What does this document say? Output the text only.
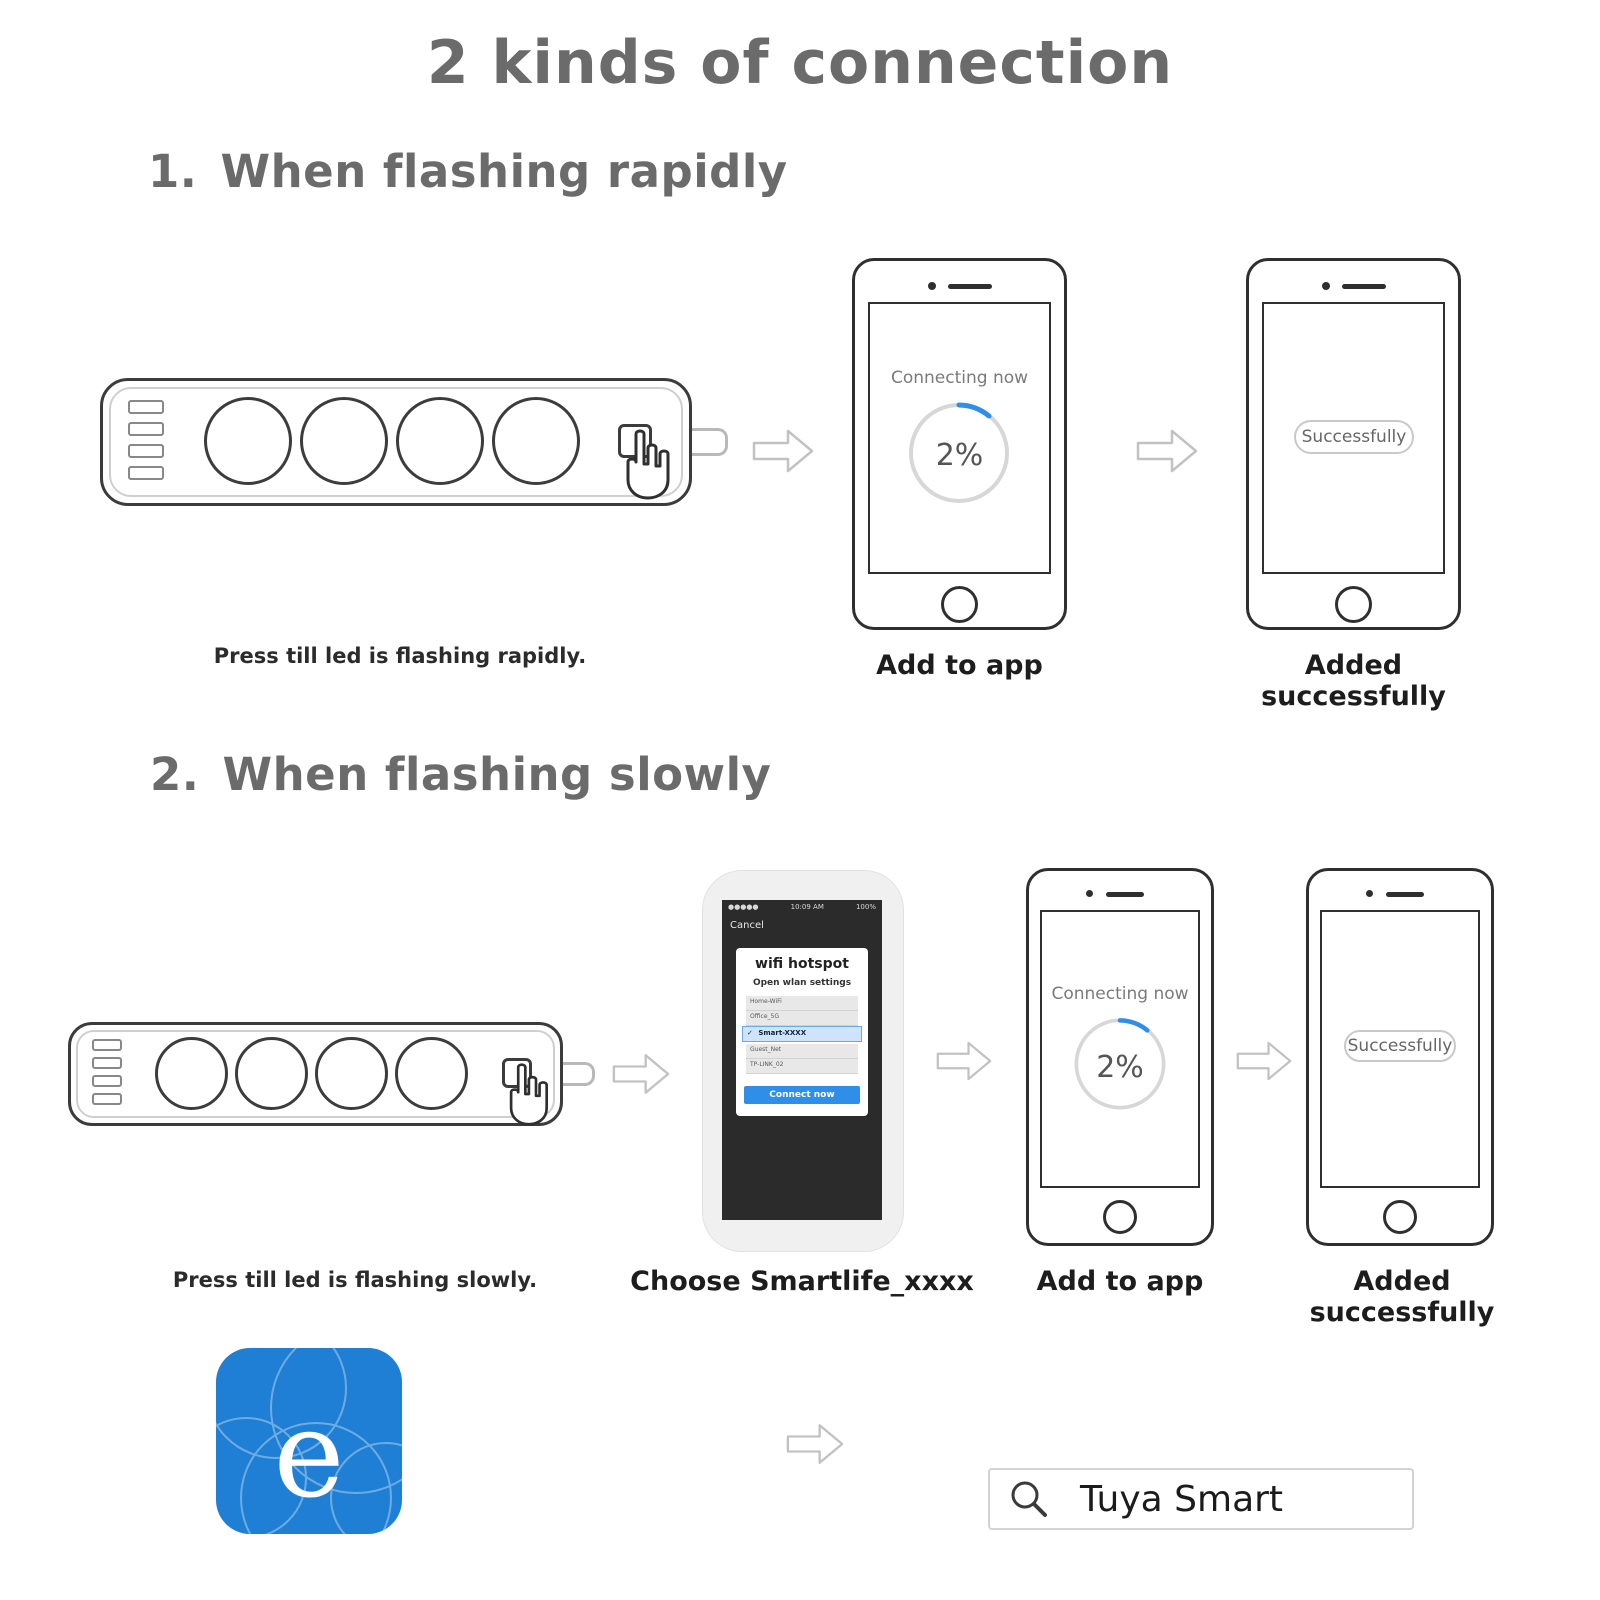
2 kinds of connection
1. When flashing rapidly
2. When flashing slowly
Press till led is flashing rapidly.
Connecting now
2%
Add to app
Successfully
Added successfully
Press till led is flashing slowly.
●●●●●	10:09 AM	100%
Cancel
wifi hotspot
Open wlan settings
Home-WiFi
Office_5G
✓ Smart-XXXX
Guest_Net
TP-LINK_02
Connect now
Choose Smartlife_xxxx
Connecting now
2%
Add to app
Successfully
Added successfully
e	Tuya Smart
